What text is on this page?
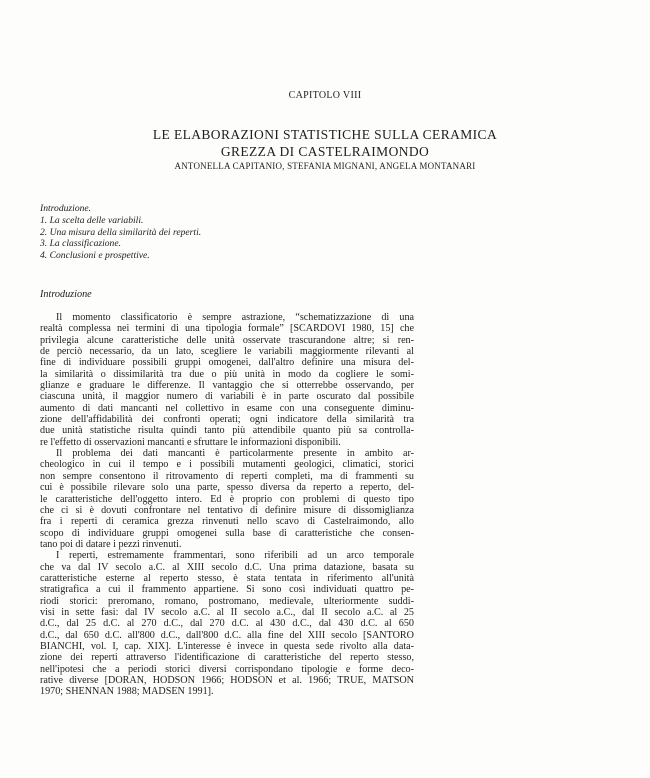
CAPITOLO VIII
LE ELABORAZIONI STATISTICHE SULLA CERAMICA
GREZZA DI CASTELRAIMONDO
ANTONELLA CAPITANIO, STEFANIA MIGNANI, ANGELA MONTANARI
Introduzione.
1. La scelta delle variabili.
2. Una misura della similarità dei reperti.
3. La classificazione.
4. Conclusioni e prospettive.
Introduzione
Il momento classificatorio è sempre astrazione, “schematizzazione di una
realtà complessa nei termini di una tipologia formale” [SCARDOVI 1980, 15] che
privilegia alcune caratteristiche delle unità osservate trascurandone altre; si ren-
de perciò necessario, da un lato, scegliere le variabili maggiormente rilevanti al
fine di individuare possibili gruppi omogenei, dall'altro definire una misura del-
la similarità o dissimilarità tra due o più unità in modo da cogliere le somi-
glianze e graduare le differenze. Il vantaggio che si otterrebbe osservando, per
ciascuna unità, il maggior numero di variabili è in parte oscurato dal possibile
aumento di dati mancanti nel collettivo in esame con una conseguente diminu-
zione dell'affidabilità dei confronti operati; ogni indicatore della similarità tra
due unità statistiche risulta quindi tanto più attendibile quanto più sa controlla-
re l'effetto di osservazioni mancanti e sfruttare le informazioni disponibili.
Il problema dei dati mancanti è particolarmente presente in ambito ar-
cheologico in cui il tempo e i possibili mutamenti geologici, climatici, storici
non sempre consentono il ritrovamento di reperti completi, ma di frammenti su
cui è possibile rilevare solo una parte, spesso diversa da reperto a reperto, del-
le caratteristiche dell'oggetto intero. Ed è proprio con problemi di questo tipo
che ci si è dovuti confrontare nel tentativo di definire misure di dissomiglianza
fra i reperti di ceramica grezza rinvenuti nello scavo di Castelraimondo, allo
scopo di individuare gruppi omogenei sulla base di caratteristiche che consen-
tano poi di datare i pezzi rinvenuti.
I reperti, estremamente frammentari, sono riferibili ad un arco temporale
che va dal IV secolo a.C. al XIII secolo d.C. Una prima datazione, basata su
caratteristiche esterne al reperto stesso, è stata tentata in riferimento all'unità
stratigrafica a cui il frammento appartiene. Si sono così individuati quattro pe-
riodi storici: preromano, romano, postromano, medievale, ulteriormente suddi-
visi in sette fasi: dal IV secolo a.C. al II secolo a.C., dal II secolo a.C. al 25
d.C., dal 25 d.C. al 270 d.C., dal 270 d.C. al 430 d.C., dal 430 d.C. al 650
d.C., dal 650 d.C. all'800 d.C., dall'800 d.C. alla fine del XIII secolo [SANTORO
BIANCHI, vol. I, cap. XIX]. L'interesse è invece in questa sede rivolto alla data-
zione dei reperti attraverso l'identificazione di caratteristiche del reperto stesso,
nell'ipotesi che a periodi storici diversi corrispondano tipologie e forme deco-
rative diverse [DORAN, HODSON 1966; HODSON et al. 1966; TRUE, MATSON
1970; SHENNAN 1988; MADSEN 1991].
